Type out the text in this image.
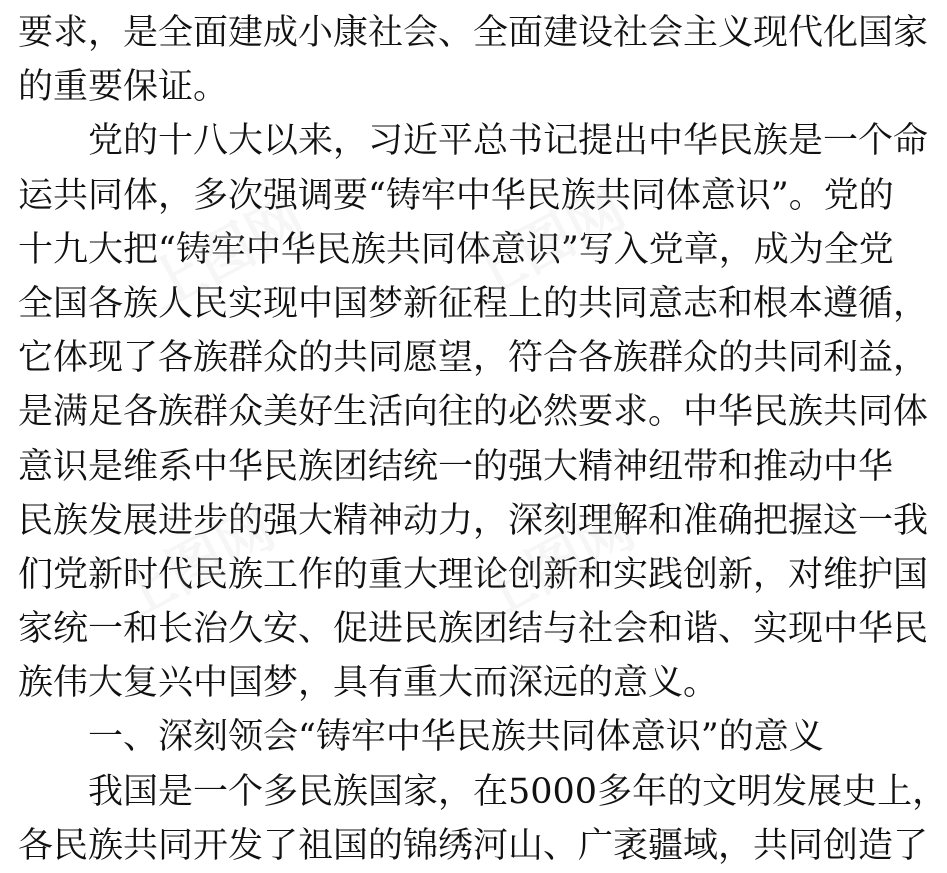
要求，是全面建成小康社会、全面建设社会主义现代化国家
的重要保证。
党的十八大以来，习近平总书记提出中华民族是一个命
运共同体，多次强调要“铸牢中华民族共同体意识”。党的
十九大把“铸牢中华民族共同体意识”写入党章，成为全党
全国各族人民实现中国梦新征程上的共同意志和根本遵循，
它体现了各族群众的共同愿望，符合各族群众的共同利益，
是满足各族群众美好生活向往的必然要求。中华民族共同体
意识是维系中华民族团结统一的强大精神纽带和推动中华
民族发展进步的强大精神动力，深刻理解和准确把握这一我
们党新时代民族工作的重大理论创新和实践创新，对维护国
家统一和长治久安、促进民族团结与社会和谐、实现中华民
族伟大复兴中国梦，具有重大而深远的意义。
一、深刻领会“铸牢中华民族共同体意识”的意义
我国是一个多民族国家，在5000多年的文明发展史上，
各民族共同开发了祖国的锦绣河山、广袤疆域，共同创造了
上图网	上图网
上图网	上图网
